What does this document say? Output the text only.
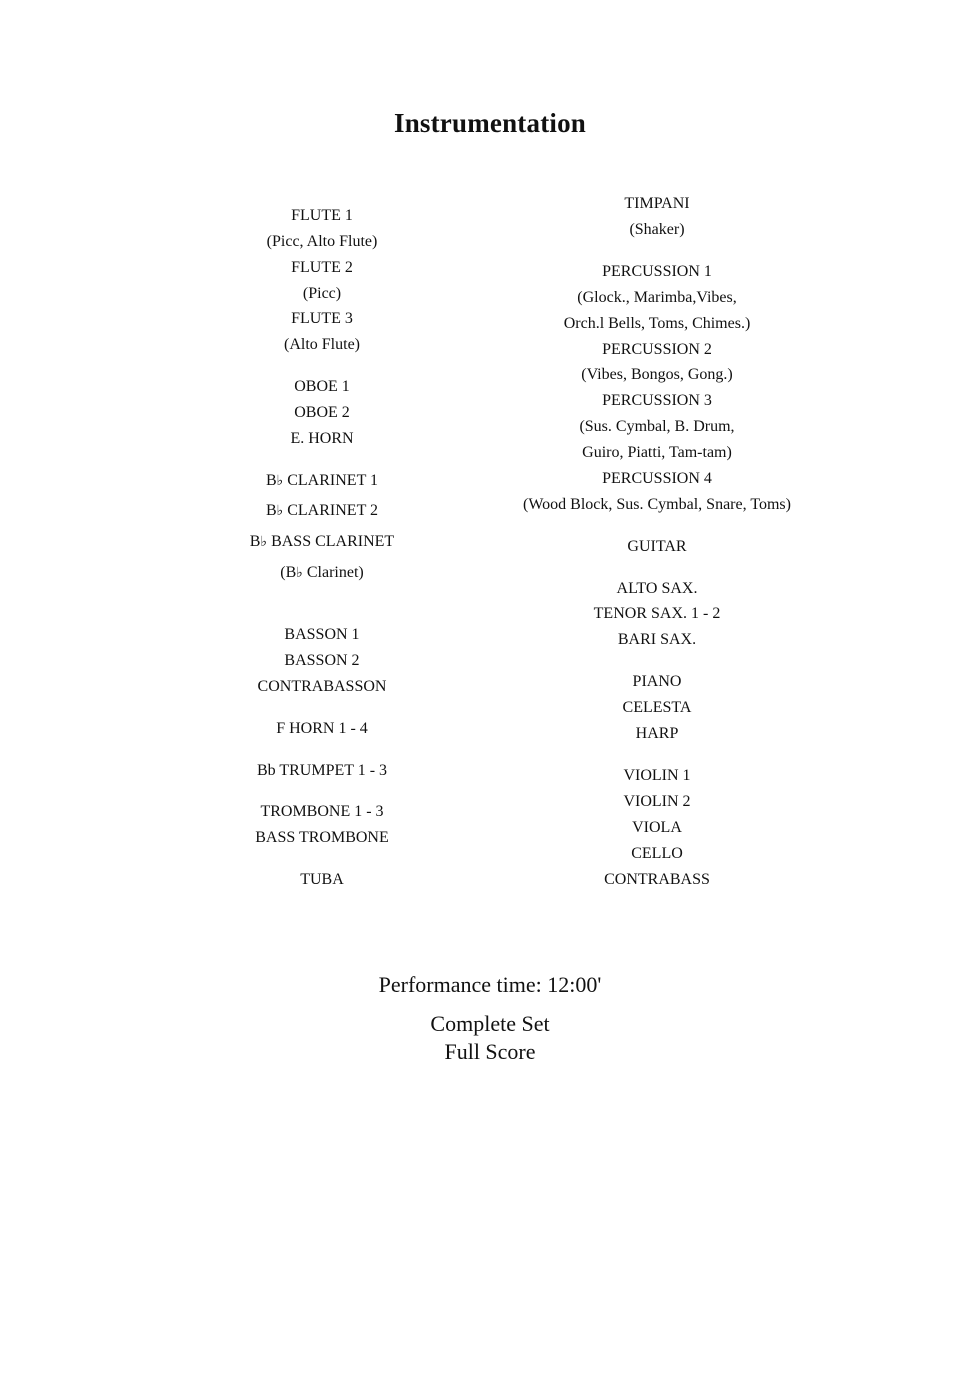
Instrumentation
FLUTE 1
(Picc, Alto Flute)
FLUTE 2
(Picc)
FLUTE 3
(Alto Flute)
OBOE 1
OBOE 2
E. HORN
B♭ CLARINET 1
B♭ CLARINET 2
B♭ BASS CLARINET
(B♭ Clarinet)
BASSON 1
BASSON 2
CONTRABASSON
F HORN 1 - 4
Bb TRUMPET 1 - 3
TROMBONE 1 - 3
BASS TROMBONE
TUBA
TIMPANI
(Shaker)
PERCUSSION 1
(Glock., Marimba,Vibes,
Orch.l Bells, Toms, Chimes.)
PERCUSSION 2
(Vibes, Bongos, Gong.)
PERCUSSION 3
(Sus. Cymbal, B. Drum,
Guiro, Piatti, Tam-tam)
PERCUSSION 4
(Wood Block, Sus. Cymbal, Snare, Toms)
GUITAR
ALTO SAX.
TENOR SAX. 1 - 2
BARI SAX.
PIANO
CELESTA
HARP
VIOLIN 1
VIOLIN 2
VIOLA
CELLO
CONTRABASS
Performance time: 12:00'
Complete Set
Full Score
